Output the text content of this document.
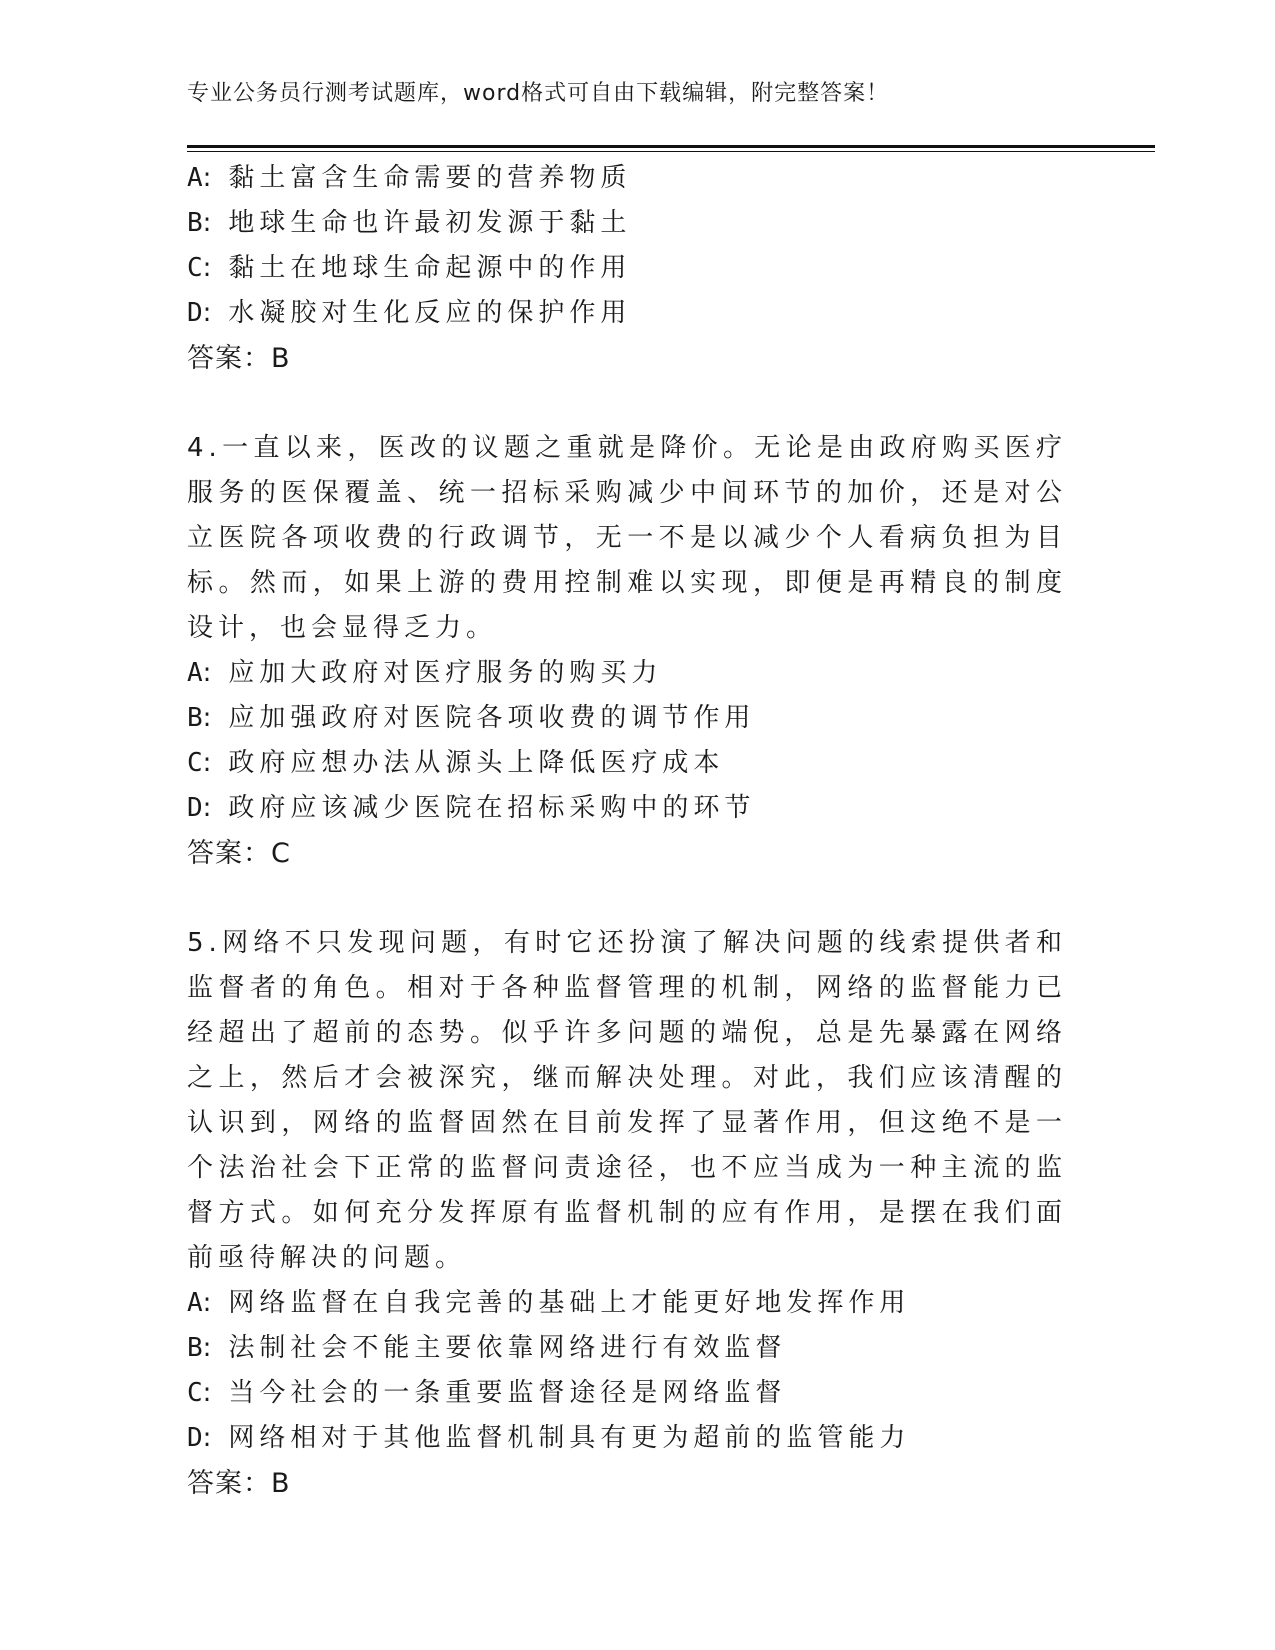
专业公务员行测考试题库，word格式可自由下载编辑，附完整答案！
A: 黏土富含生命需要的营养物质
B: 地球生命也许最初发源于黏土
C: 黏土在地球生命起源中的作用
D: 水凝胶对生化反应的保护作用
答案：B

4.一直以来，医改的议题之重就是降价。无论是由政府购买医疗服务的医保覆盖、统一招标采购减少中间环节的加价，还是对公立医院各项收费的行政调节，无一不是以减少个人看病负担为目标。然而，如果上游的费用控制难以实现，即便是再精良的制度设计，也会显得乏力。

A: 应加大政府对医疗服务的购买力
B: 应加强政府对医院各项收费的调节作用
C: 政府应想办法从源头上降低医疗成本
D: 政府应该减少医院在招标采购中的环节
答案：C

5.网络不只发现问题，有时它还扮演了解决问题的线索提供者和监督者的角色。相对于各种监督管理的机制，网络的监督能力已经超出了超前的态势。似乎许多问题的端倪，总是先暴露在网络之上，然后才会被深究，继而解决处理。对此，我们应该清醒的认识到，网络的监督固然在目前发挥了显著作用，但这绝不是一个法治社会下正常的监督问责途径，也不应当成为一种主流的监督方式。如何充分发挥原有监督机制的应有作用，是摆在我们面前亟待解决的问题。

A: 网络监督在自我完善的基础上才能更好地发挥作用
B: 法制社会不能主要依靠网络进行有效监督
C: 当今社会的一条重要监督途径是网络监督
D: 网络相对于其他监督机制具有更为超前的监管能力
答案：B
